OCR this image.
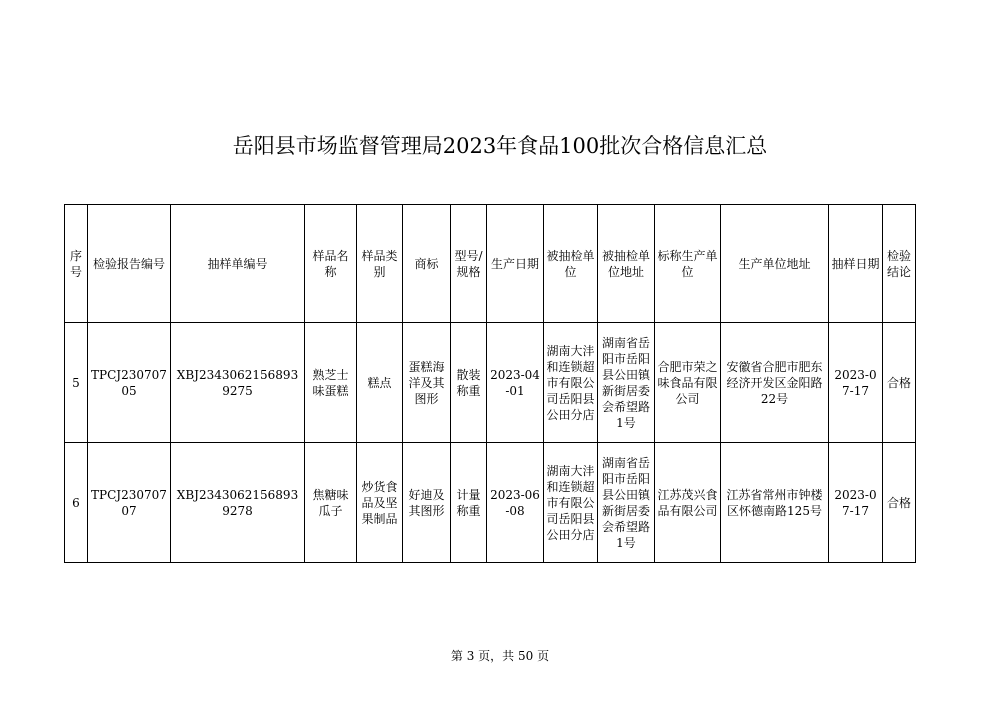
岳阳县市场监督管理局2023年食品100批次合格信息汇总
序号	检验报告编号	抽样单编号	样品名称	样品类别	商标	型号/规格	生产日期	被抽检单位	被抽检单位地址	标称生产单位	生产单位地址	抽样日期	检验结论
5	TPCJ23070705	XBJ23430621568939275	熟芝士味蛋糕	糕点	蛋糕海洋及其图形	散装称重	2023-04-01	湖南大沣和连锁超市有限公司岳阳县公田分店	湖南省岳阳市岳阳县公田镇新街居委会希望路1号	合肥市荣之味食品有限公司	安徽省合肥市肥东经济开发区金阳路22号	2023-07-17	合格
6	TPCJ23070707	XBJ23430621568939278	焦糖味瓜子	炒货食品及坚果制品	好迪及其图形	计量称重	2023-06-08	湖南大沣和连锁超市有限公司岳阳县公田分店	湖南省岳阳市岳阳县公田镇新街居委会希望路1号	江苏茂兴食品有限公司	江苏省常州市钟楼区怀德南路125号	2023-07-17	合格
第 3 页，共 50 页
